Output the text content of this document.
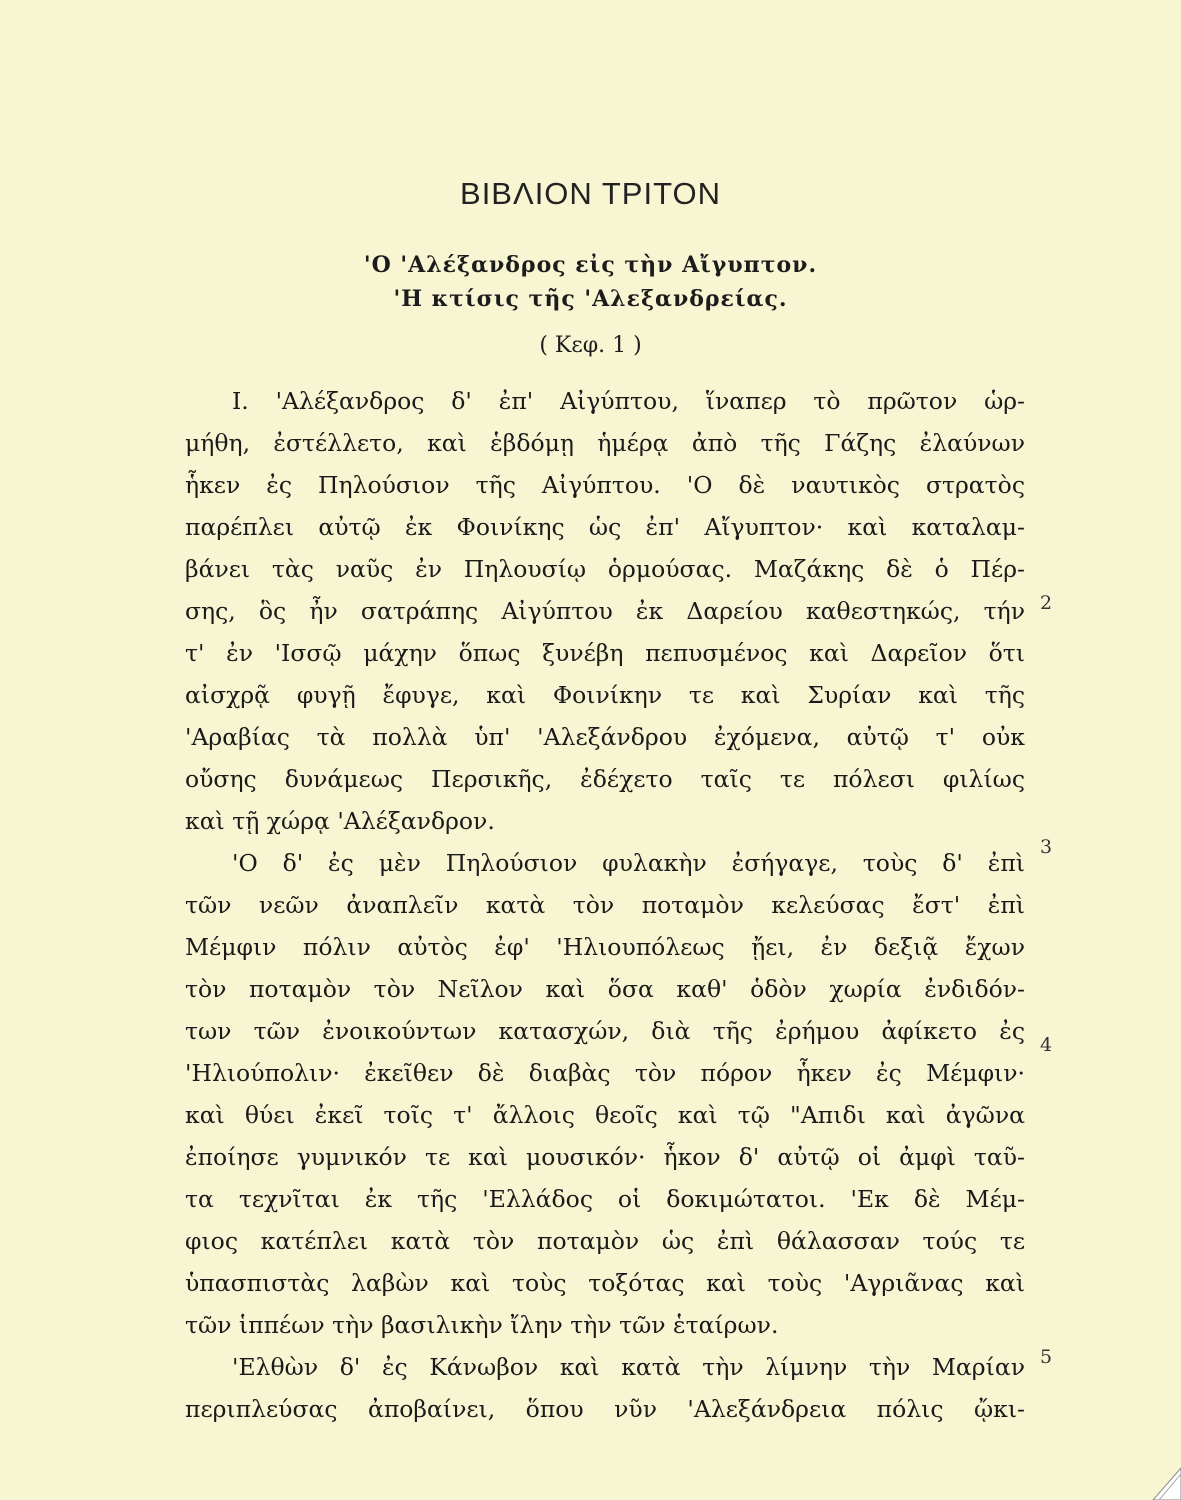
ΒΙΒΛΙΟΝ ΤΡΙΤΟΝ
'Ο 'Αλέξανδρος εἰς τὴν Αἴγυπτον.
'Η κτίσις τῆς 'Αλεξανδρείας.
( Κεφ. 1 )
Ι. 'Αλέξανδρος δ' ἐπ' Αἰγύπτου, ἵναπερ τὸ πρῶτον ὡρ-
μήθη, ἐστέλλετο, καὶ ἑβδόμῃ ἡμέρᾳ ἀπὸ τῆς Γάζης ἐλαύνων
ἧκεν ἐς Πηλούσιον τῆς Αἰγύπτου. 'Ο δὲ ναυτικὸς στρατὸς
παρέπλει αὐτῷ ἐκ Φοινίκης ὡς ἐπ' Αἴγυπτον· καὶ καταλαμ-
βάνει τὰς ναῦς ἐν Πηλουσίῳ ὁρμούσας. Μαζάκης δὲ ὁ Πέρ-
σης, ὃς ἦν σατράπης Αἰγύπτου ἐκ Δαρείου καθεστηκώς, τήν
τ' ἐν 'Ισσῷ μάχην ὅπως ξυνέβη πεπυσμένος καὶ Δαρεῖον ὅτι
αἰσχρᾷ φυγῇ ἔφυγε, καὶ Φοινίκην τε καὶ Συρίαν καὶ τῆς
'Αραβίας τὰ πολλὰ ὑπ' 'Αλεξάνδρου ἐχόμενα, αὐτῷ τ' οὐκ
οὔσης δυνάμεως Περσικῆς, ἐδέχετο ταῖς τε πόλεσι φιλίως
καὶ τῇ χώρᾳ 'Αλέξανδρον.
'Ο δ' ἐς μὲν Πηλούσιον φυλακὴν ἐσήγαγε, τοὺς δ' ἐπὶ
τῶν νεῶν ἀναπλεῖν κατὰ τὸν ποταμὸν κελεύσας ἔστ' ἐπὶ
Μέμφιν πόλιν αὐτὸς ἐφ' 'Ηλιουπόλεως ᾔει, ἐν δεξιᾷ ἔχων
τὸν ποταμὸν τὸν Νεῖλον καὶ ὅσα καθ' ὁδὸν χωρία ἐνδιδόν-
των τῶν ἐνοικούντων κατασχών, διὰ τῆς ἐρήμου ἀφίκετο ἐς
'Ηλιούπολιν· ἐκεῖθεν δὲ διαβὰς τὸν πόρον ἧκεν ἐς Μέμφιν·
καὶ θύει ἐκεῖ τοῖς τ' ἄλλοις θεοῖς καὶ τῷ "Απιδι καὶ ἀγῶνα
ἐποίησε γυμνικόν τε καὶ μουσικόν· ἧκον δ' αὐτῷ οἱ ἀμφὶ ταῦ-
τα τεχνῖται ἐκ τῆς 'Ελλάδος οἱ δοκιμώτατοι. 'Εκ δὲ Μέμ-
φιος κατέπλει κατὰ τὸν ποταμὸν ὡς ἐπὶ θάλασσαν τούς τε
ὑπασπιστὰς λαβὼν καὶ τοὺς τοξότας καὶ τοὺς 'Αγριᾶνας καὶ
τῶν ἱππέων τὴν βασιλικὴν ἴλην τὴν τῶν ἑταίρων.
'Ελθὼν δ' ἐς Κάνωβον καὶ κατὰ τὴν λίμνην τὴν Μαρίαν
περιπλεύσας ἀποβαίνει, ὅπου νῦν 'Αλεξάνδρεια πόλις ᾤκι-
2
3
4
5
